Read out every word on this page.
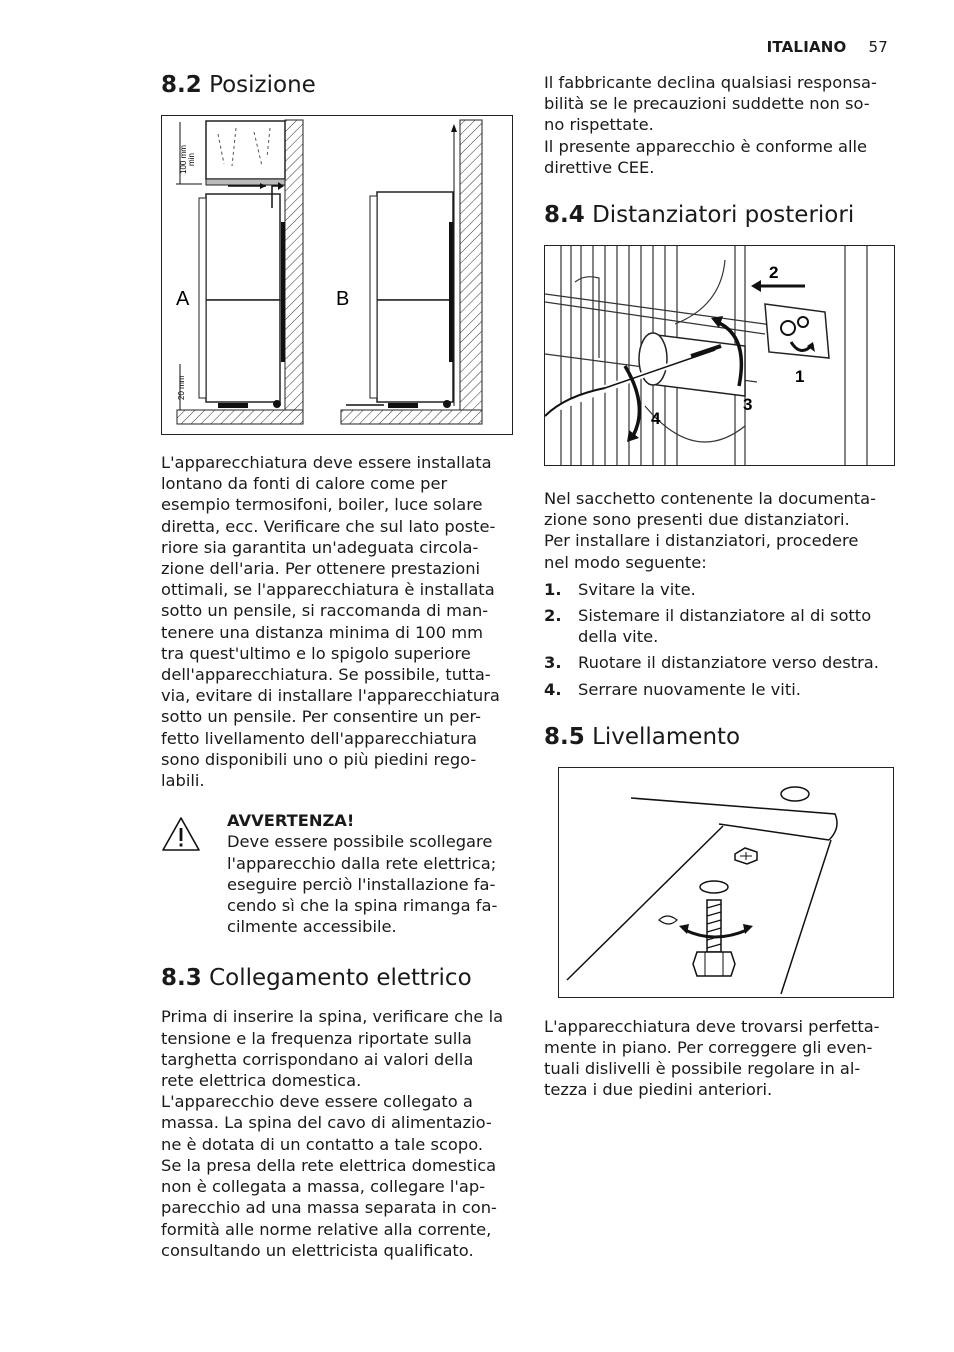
ITALIANO 57
8.2 Posizione
100 mm min
20 mm
A	B

L'apparecchiatura deve essere installata
lontano da fonti di calore come per
esempio termosifoni, boiler, luce solare
diretta, ecc. Verificare che sul lato poste-
riore sia garantita un'adeguata circola-
zione dell'aria. Per ottenere prestazioni
ottimali, se l'apparecchiatura è installata
sotto un pensile, si raccomanda di man-
tenere una distanza minima di 100 mm
tra quest'ultimo e lo spigolo superiore
dell'apparecchiatura. Se possibile, tutta-
via, evitare di installare l'apparecchiatura
sotto un pensile. Per consentire un per-
fetto livellamento dell'apparecchiatura
sono disponibili uno o più piedini rego-
labili.

AVVERTENZA!

Deve essere possibile scollegare
l'apparecchio dalla rete elettrica;
eseguire perciò l'installazione fa-
cendo sì che la spina rimanga fa-
cilmente accessibile.

8.3 Collegamento elettrico

Prima di inserire la spina, verificare che la
tensione e la frequenza riportate sulla
targhetta corrispondano ai valori della
rete elettrica domestica.
L'apparecchio deve essere collegato a
massa. La spina del cavo di alimentazio-
ne è dotata di un contatto a tale scopo.
Se la presa della rete elettrica domestica
non è collegata a massa, collegare l'ap-
parecchio ad una massa separata in con-
formità alle norme relative alla corrente,
consultando un elettricista qualificato.

Il fabbricante declina qualsiasi responsa-
bilità se le precauzioni suddette non so-
no rispettate.
Il presente apparecchio è conforme alle
direttive CEE.

8.4 Distanziatori posteriori
2
1
3
4

Nel sacchetto contenente la documenta-
zione sono presenti due distanziatori.
Per installare i distanziatori, procedere
nel modo seguente:

1.	Svitare la vite.
2.	Sistemare il distanziatore al di sotto
della vite.
3.	Ruotare il distanziatore verso destra.
4.	Serrare nuovamente le viti.
8.5 Livellamento

L'apparecchiatura deve trovarsi perfetta-
mente in piano. Per correggere gli even-
tuali dislivelli è possibile regolare in al-
tezza i due piedini anteriori.
